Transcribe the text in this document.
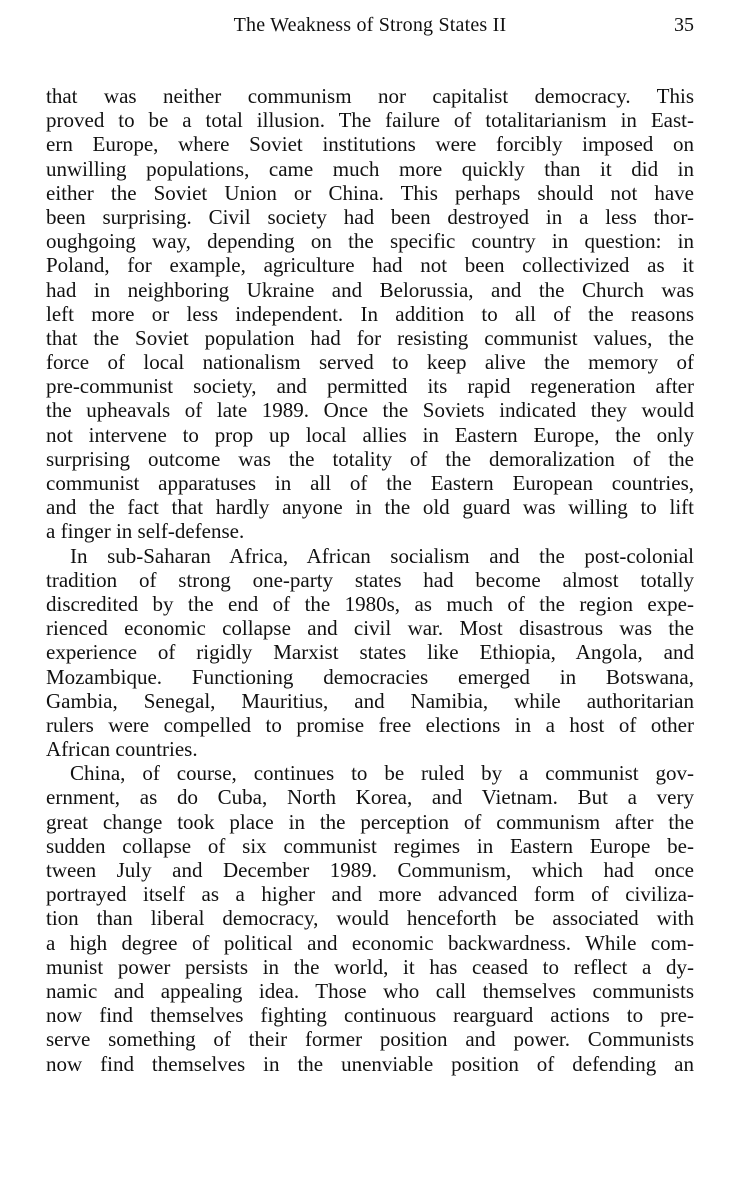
The Weakness of Strong States II	35
that was neither communism nor capitalist democracy. This
proved to be a total illusion. The failure of totalitarianism in East-
ern Europe, where Soviet institutions were forcibly imposed on
unwilling populations, came much more quickly than it did in
either the Soviet Union or China. This perhaps should not have
been surprising. Civil society had been destroyed in a less thor-
oughgoing way, depending on the specific country in question: in
Poland, for example, agriculture had not been collectivized as it
had in neighboring Ukraine and Belorussia, and the Church was
left more or less independent. In addition to all of the reasons
that the Soviet population had for resisting communist values, the
force of local nationalism served to keep alive the memory of
pre-communist society, and permitted its rapid regeneration after
the upheavals of late 1989. Once the Soviets indicated they would
not intervene to prop up local allies in Eastern Europe, the only
surprising outcome was the totality of the demoralization of the
communist apparatuses in all of the Eastern European countries,
and the fact that hardly anyone in the old guard was willing to lift
a finger in self-defense.
In sub-Saharan Africa, African socialism and the post-colonial
tradition of strong one-party states had become almost totally
discredited by the end of the 1980s, as much of the region expe-
rienced economic collapse and civil war. Most disastrous was the
experience of rigidly Marxist states like Ethiopia, Angola, and
Mozambique. Functioning democracies emerged in Botswana,
Gambia, Senegal, Mauritius, and Namibia, while authoritarian
rulers were compelled to promise free elections in a host of other
African countries.
China, of course, continues to be ruled by a communist gov-
ernment, as do Cuba, North Korea, and Vietnam. But a very
great change took place in the perception of communism after the
sudden collapse of six communist regimes in Eastern Europe be-
tween July and December 1989. Communism, which had once
portrayed itself as a higher and more advanced form of civiliza-
tion than liberal democracy, would henceforth be associated with
a high degree of political and economic backwardness. While com-
munist power persists in the world, it has ceased to reflect a dy-
namic and appealing idea. Those who call themselves communists
now find themselves fighting continuous rearguard actions to pre-
serve something of their former position and power. Communists
now find themselves in the unenviable position of defending an
